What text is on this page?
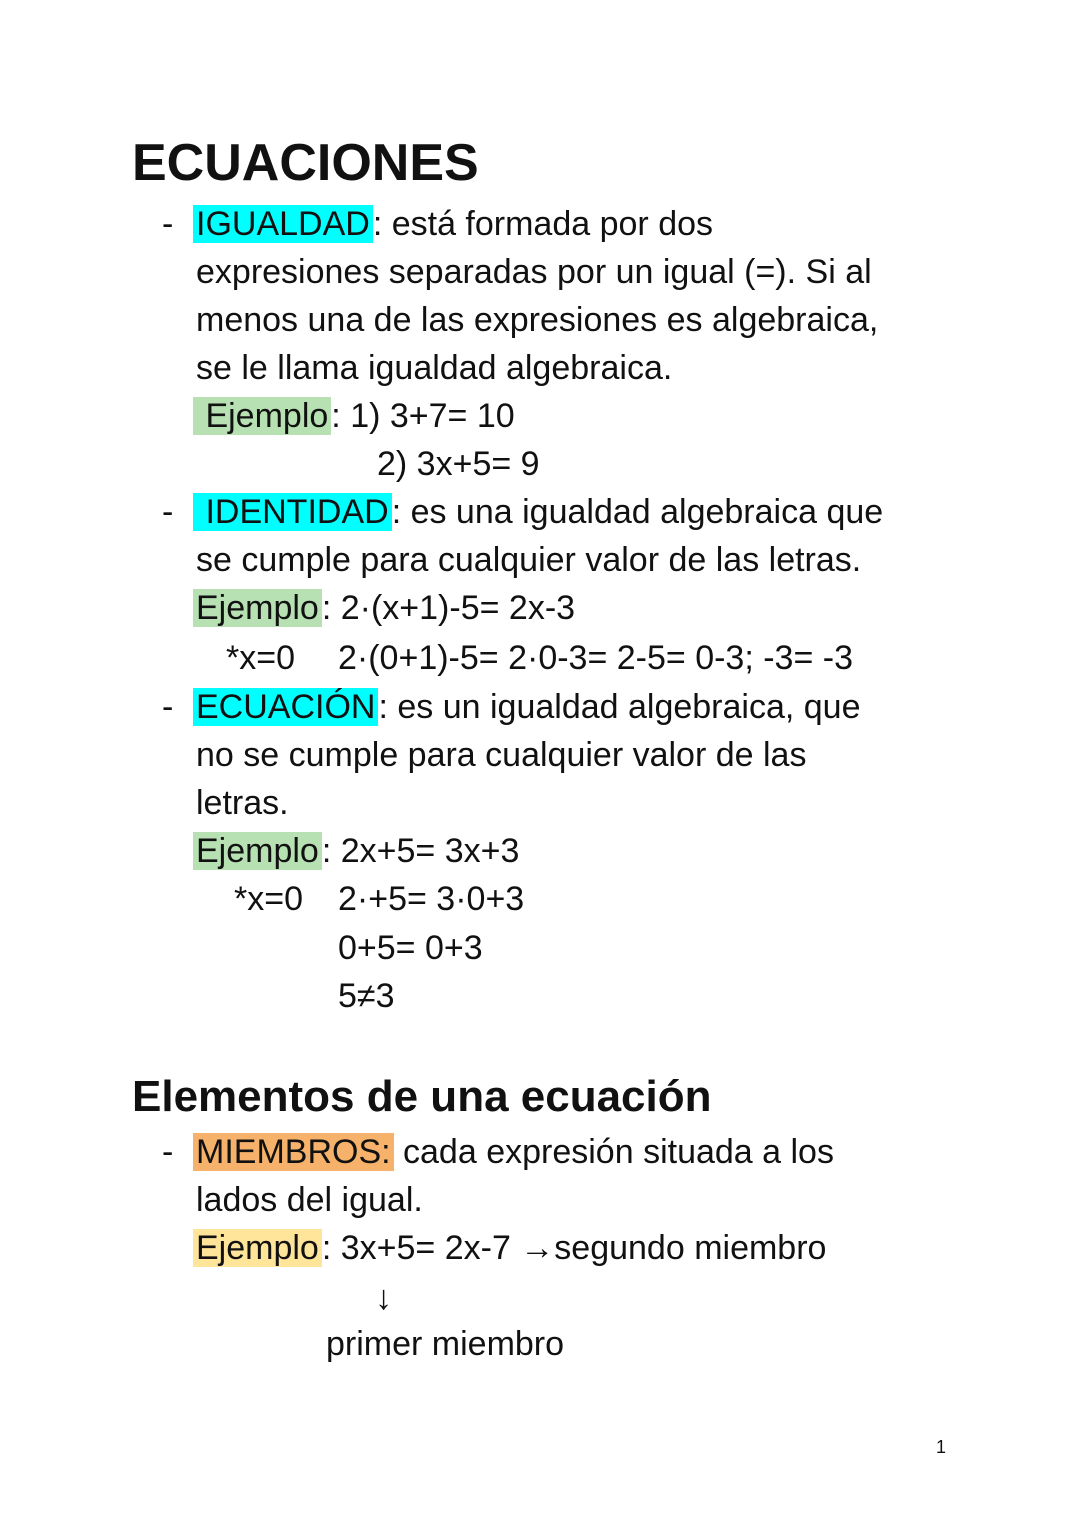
ECUACIONES
- IGUALDAD: está formada por dos
expresiones separadas por un igual (=). Si al
menos una de las expresiones es algebraica,
se le llama igualdad algebraica.
Ejemplo: 1) 3+7= 10
2) 3x+5= 9
- IDENTIDAD: es una igualdad algebraica que
se cumple para cualquier valor de las letras.
Ejemplo: 2·(x+1)-5= 2x-3
*x=0 2·(0+1)-5= 2·0-3= 2-5= 0-3; -3= -3
- ECUACIÓN: es un igualdad algebraica, que
no se cumple para cualquier valor de las
letras.
Ejemplo: 2x+5= 3x+3
*x=0 2·+5= 3·0+3
0+5= 0+3
5≠3
Elementos de una ecuación
- MIEMBROS: cada expresión situada a los
lados del igual.
Ejemplo: 3x+5= 2x-7 →segundo miembro
↓
primer miembro
1
